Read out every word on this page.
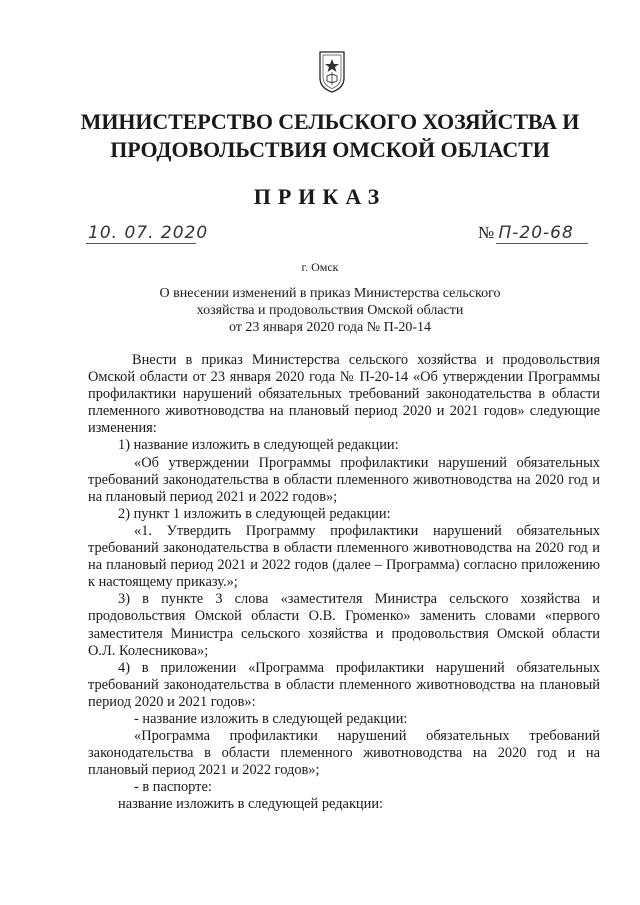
МИНИСТЕРСТВО СЕЛЬСКОГО ХОЗЯЙСТВА И
ПРОДОВОЛЬСТВИЯ ОМСКОЙ ОБЛАСТИ
ПРИКАЗ
10. 07. 2020	№ П-20-68
г. Омск
О внесении изменений в приказ Министерства сельского
хозяйства и продовольствия Омской области
от 23 января 2020 года № П-20-14

Внести в приказ Министерства сельского хозяйства и продовольствия Омской области от 23 января 2020 года № П-20-14 «Об утверждении Программы профилактики нарушений обязательных требований законодательства в области племенного животноводства на плановый период 2020 и 2021 годов» следующие изменения:

1) название изложить в следующей редакции:

«Об утверждении Программы профилактики нарушений обязательных требований законодательства в области племенного животноводства на 2020 год и на плановый период 2021 и 2022 годов»;

2) пункт 1 изложить в следующей редакции:

«1. Утвердить Программу профилактики нарушений обязательных требований законодательства в области племенного животноводства на 2020 год и на плановый период 2021 и 2022 годов (далее – Программа) согласно приложению к настоящему приказу.»;

3) в пункте 3 слова «заместителя Министра сельского хозяйства и продовольствия Омской области О.В. Громенко» заменить словами «первого заместителя Министра сельского хозяйства и продовольствия Омской области О.Л. Колесникова»;

4) в приложении «Программа профилактики нарушений обязательных требований законодательства в области племенного животноводства на плановый период 2020 и 2021 годов»:

- название изложить в следующей редакции:

«Программа профилактики нарушений обязательных требований законодательства в области племенного животноводства на 2020 год и на плановый период 2021 и 2022 годов»;

- в паспорте:

название изложить в следующей редакции:
